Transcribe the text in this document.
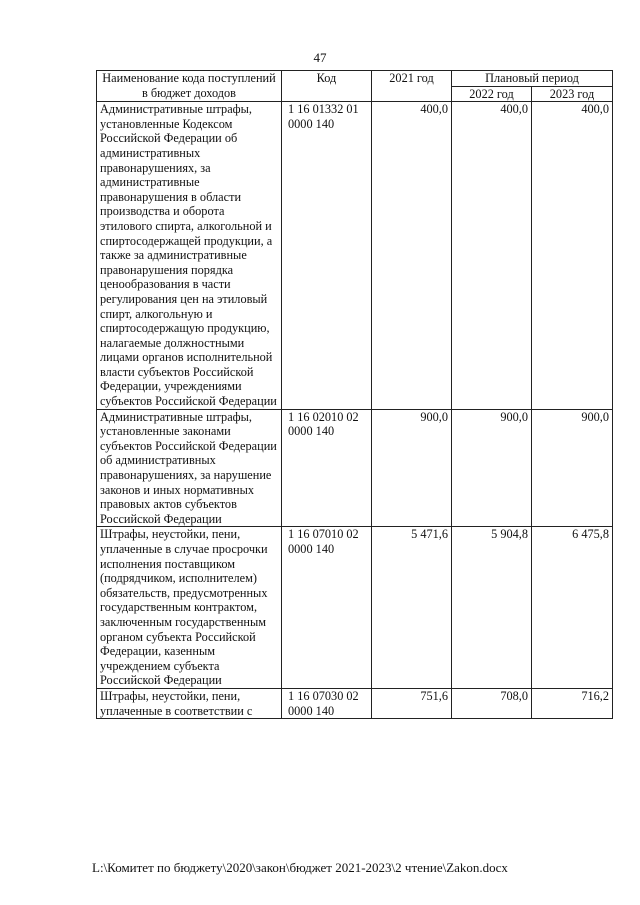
47
Наименование кода поступлений в бюджет доходов	Код	2021 год	Плановый период	
			2022 год	2023 год
Административные штрафы, установленные Кодексом Российской Федерации об административных правонарушениях, за административные правонарушения в области производства и оборота этилового спирта, алкогольной и спиртосодержащей продукции, а также за административные правонарушения порядка ценообразования в части регулирования цен на этиловый спирт, алкогольную и спиртосодержащую продукцию, налагаемые должностными лицами органов исполнительной власти субъектов Российской Федерации, учреждениями субъектов Российской Федерации	1 16 01332 01 0000 140	400,0	400,0	400,0
Административные штрафы, установленные законами субъектов Российской Федерации об административных правонарушениях, за нарушение законов и иных нормативных правовых актов субъектов Российской Федерации	1 16 02010 02 0000 140	900,0	900,0	900,0
Штрафы, неустойки, пени, уплаченные в случае просрочки исполнения поставщиком (подрядчиком, исполнителем) обязательств, предусмотренных государственным контрактом, заключенным государственным органом субъекта Российской Федерации, казенным учреждением субъекта Российской Федерации	1 16 07010 02 0000 140	5 471,6	5 904,8	6 475,8
Штрафы, неустойки, пени, уплаченные в соответствии с	1 16 07030 02 0000 140	751,6	708,0	716,2
L:\Комитет по бюджету\2020\закон\бюджет 2021-2023\2 чтение\Zakon.docx
